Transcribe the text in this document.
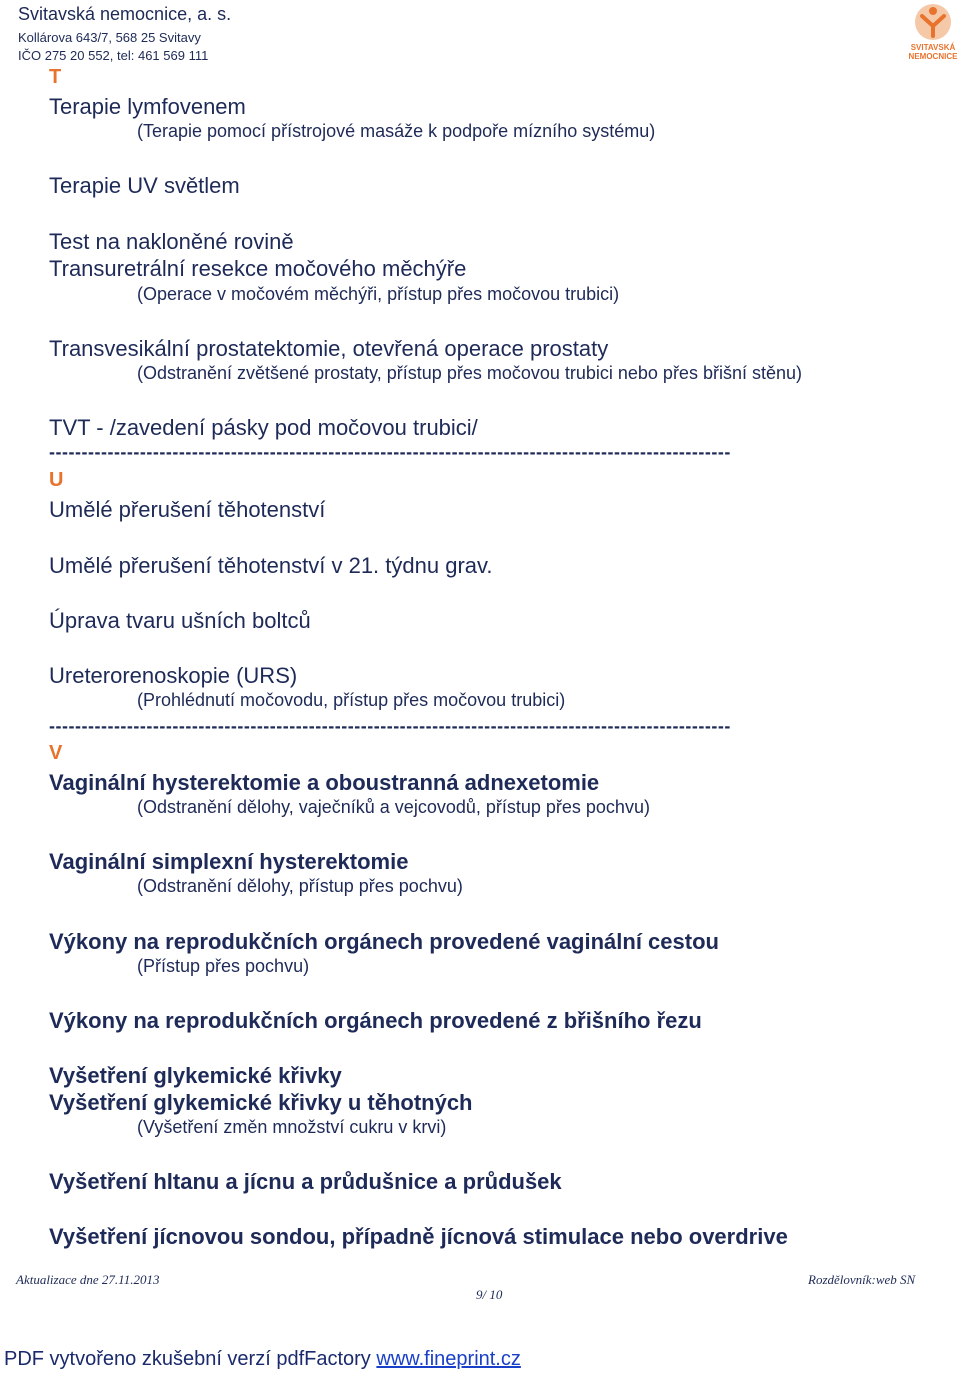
Svitavská nemocnice, a. s.
Kollárova 643/7, 568 25 Svitavy
IČO 275 20 552, tel: 461 569 111
SVITAVSKÁ
NEMOCNICE
T
Terapie lymfovenem
(Terapie pomocí přístrojové masáže k podpoře mízního systému)
Terapie UV světlem
Test na nakloněné rovině
Transuretrální resekce močového měchýře
(Operace v močovém měchýři, přístup přes močovou trubici)
Transvesikální prostatektomie, otevřená operace prostaty
(Odstranění zvětšené prostaty, přístup přes močovou trubici nebo přes břišní stěnu)
TVT - /zavedení pásky pod močovou trubici/
---------------------------------------------------------------------------------------------------------
U
Umělé přerušení těhotenství
Umělé přerušení těhotenství v 21. týdnu grav.
Úprava tvaru ušních boltců
Ureterorenoskopie (URS)
(Prohlédnutí močovodu, přístup přes močovou trubici)
---------------------------------------------------------------------------------------------------------
V
Vaginální hysterektomie a oboustranná adnexetomie
(Odstranění dělohy, vaječníků a vejcovodů, přístup přes pochvu)
Vaginální simplexní hysterektomie
(Odstranění dělohy, přístup přes pochvu)
Výkony na reprodukčních orgánech provedené vaginální cestou
(Přístup přes pochvu)
Výkony na reprodukčních orgánech provedené z břišního řezu
Vyšetření glykemické křivky
Vyšetření glykemické křivky u těhotných
(Vyšetření změn množství cukru v krvi)
Vyšetření hltanu a jícnu a průdušnice a průdušek
Vyšetření jícnovou sondou, případně jícnová stimulace nebo overdrive
Aktualizace dne 27.11.2013	Rozdělovník:web SN
9/ 10
PDF vytvořeno zkušební verzí pdfFactory www.fineprint.cz
